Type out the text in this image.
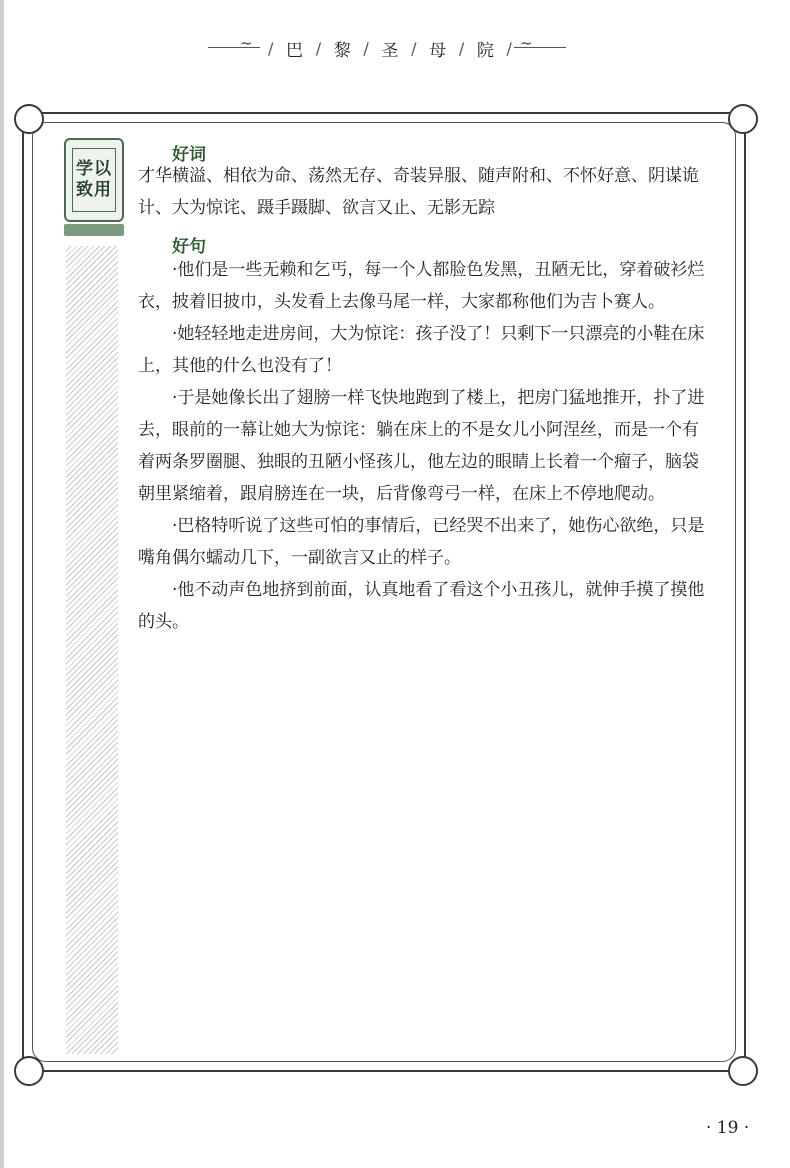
~	~
/ 巴 / 黎 / 圣 / 母 / 院 /
学以
致用
好词

才华横溢、相依为命、荡然无存、奇装异服、随声附和、不怀好意、阴谋诡计、大为惊诧、蹑手蹑脚、欲言又止、无影无踪

好句

·他们是一些无赖和乞丐，每一个人都脸色发黑，丑陋无比，穿着破衫烂衣，披着旧披巾，头发看上去像马尾一样，大家都称他们为吉卜赛人。

·她轻轻地走进房间，大为惊诧：孩子没了！只剩下一只漂亮的小鞋在床上，其他的什么也没有了！

·于是她像长出了翅膀一样飞快地跑到了楼上，把房门猛地推开，扑了进去，眼前的一幕让她大为惊诧：躺在床上的不是女儿小阿涅丝，而是一个有着两条罗圈腿、独眼的丑陋小怪孩儿，他左边的眼睛上长着一个瘤子，脑袋朝里紧缩着，跟肩膀连在一块，后背像弯弓一样，在床上不停地爬动。

·巴格特听说了这些可怕的事情后，已经哭不出来了，她伤心欲绝，只是嘴角偶尔蠕动几下，一副欲言又止的样子。

·他不动声色地挤到前面，认真地看了看这个小丑孩儿，就伸手摸了摸他的头。

· 19 ·
